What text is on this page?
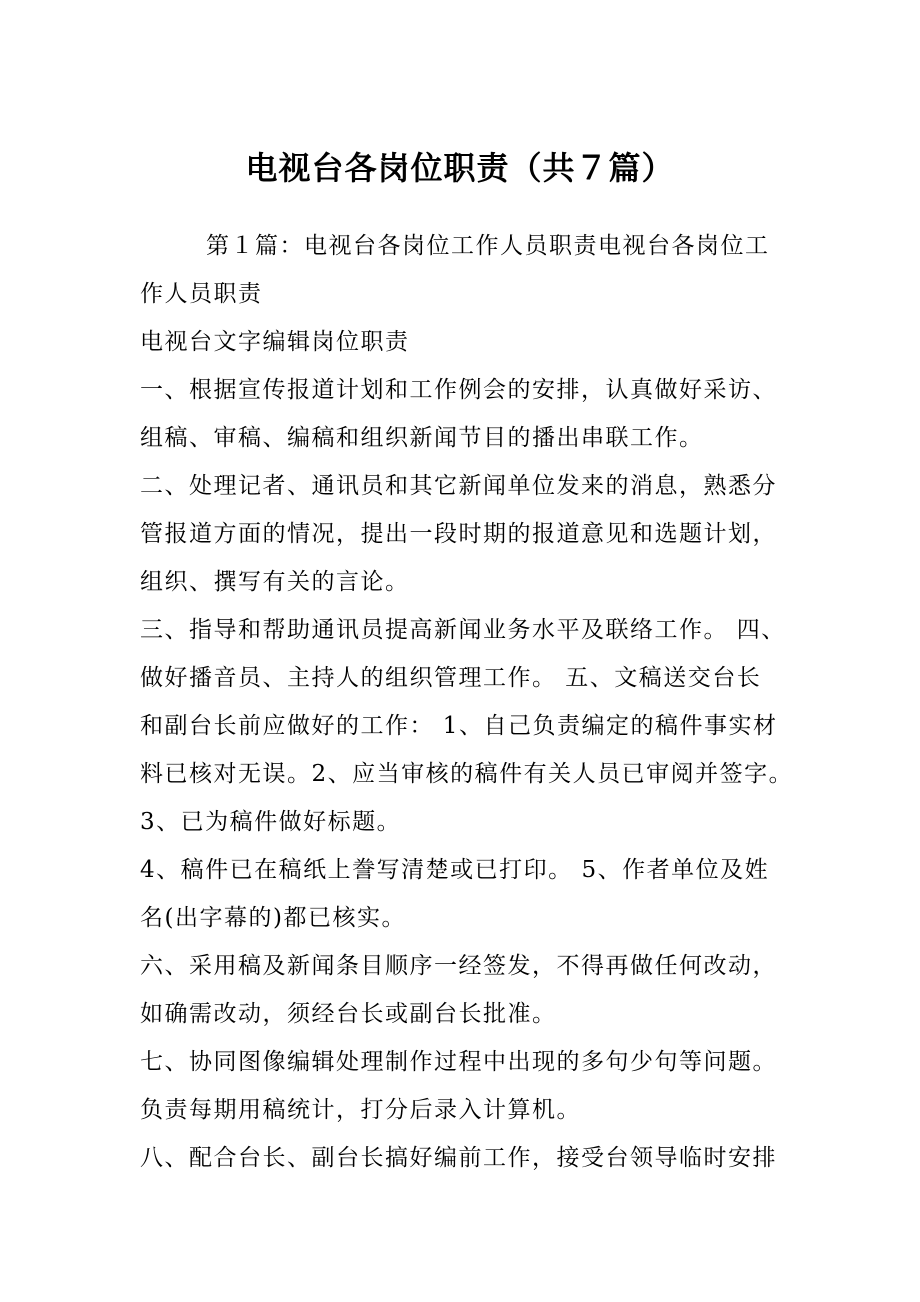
电视台各岗位职责（共７篇）
第１篇：电视台各岗位工作人员职责电视台各岗位工
作人员职责
电视台文字编辑岗位职责
一、根据宣传报道计划和工作例会的安排，认真做好采访、
组稿、审稿、编稿和组织新闻节目的播出串联工作。
二、处理记者、通讯员和其它新闻单位发来的消息，熟悉分
管报道方面的情况，提出一段时期的报道意见和选题计划，
组织、撰写有关的言论。
三、指导和帮助通讯员提高新闻业务水平及联络工作。 四、
做好播音员、主持人的组织管理工作。 五、文稿送交台长
和副台长前应做好的工作： 1、自己负责编定的稿件事实材
料已核对无误。2、应当审核的稿件有关人员已审阅并签字。
3、已为稿件做好标题。
4、稿件已在稿纸上誊写清楚或已打印。 5、作者单位及姓
名(出字幕的)都已核实。
六、采用稿及新闻条目顺序一经签发，不得再做任何改动，
如确需改动，须经台长或副台长批准。
七、协同图像编辑处理制作过程中出现的多句少句等问题。
负责每期用稿统计，打分后录入计算机。
八、配合台长、副台长搞好编前工作，接受台领导临时安排
